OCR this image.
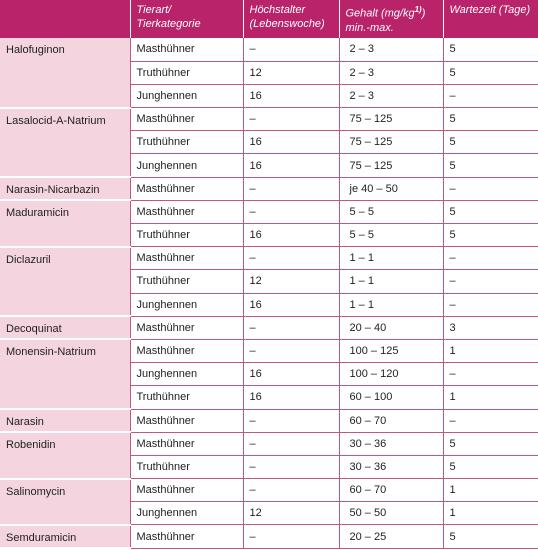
	Tierart/ Tierkategorie	Höchstalter (Lebenswoche)	Gehalt $(mg/kg^{1)})$ min.-max.	Wartezeit (Tage)
Halofuginon	Masthühner	–	2 – 3	5
	Truthühner	12	2 – 3	5
	Junghennen	16	2 – 3	–
Lasalocid-A-Natrium	Masthühner	–	75 – 125	5
	Truthühner	16	75 – 125	5
	Junghennen	16	75 – 125	5
Narasin-Nicarbazin	Masthühner	–	je 40 – 50	–
Maduramicin	Masthühner	–	5 – 5	5
	Truthühner	16	5 – 5	5
Diclazuril	Masthühner	–	1 – 1	–
	Truthühner	12	1 – 1	–
	Junghennen	16	1 – 1	–
Decoquinat	Masthühner	–	20 – 40	3
Monensin-Natrium	Masthühner	–	100 – 125	1
	Junghennen	16	100 – 120	–
	Truthühner	16	60 – 100	1
Narasin	Masthühner	–	60 – 70	–
Robenidin	Masthühner	–	30 – 36	5
	Truthühner	–	30 – 36	5
Salinomycin	Masthühner	–	60 – 70	1
	Junghennen	12	50 – 50	1
Semduramicin	Masthühner	–	20 – 25	5
